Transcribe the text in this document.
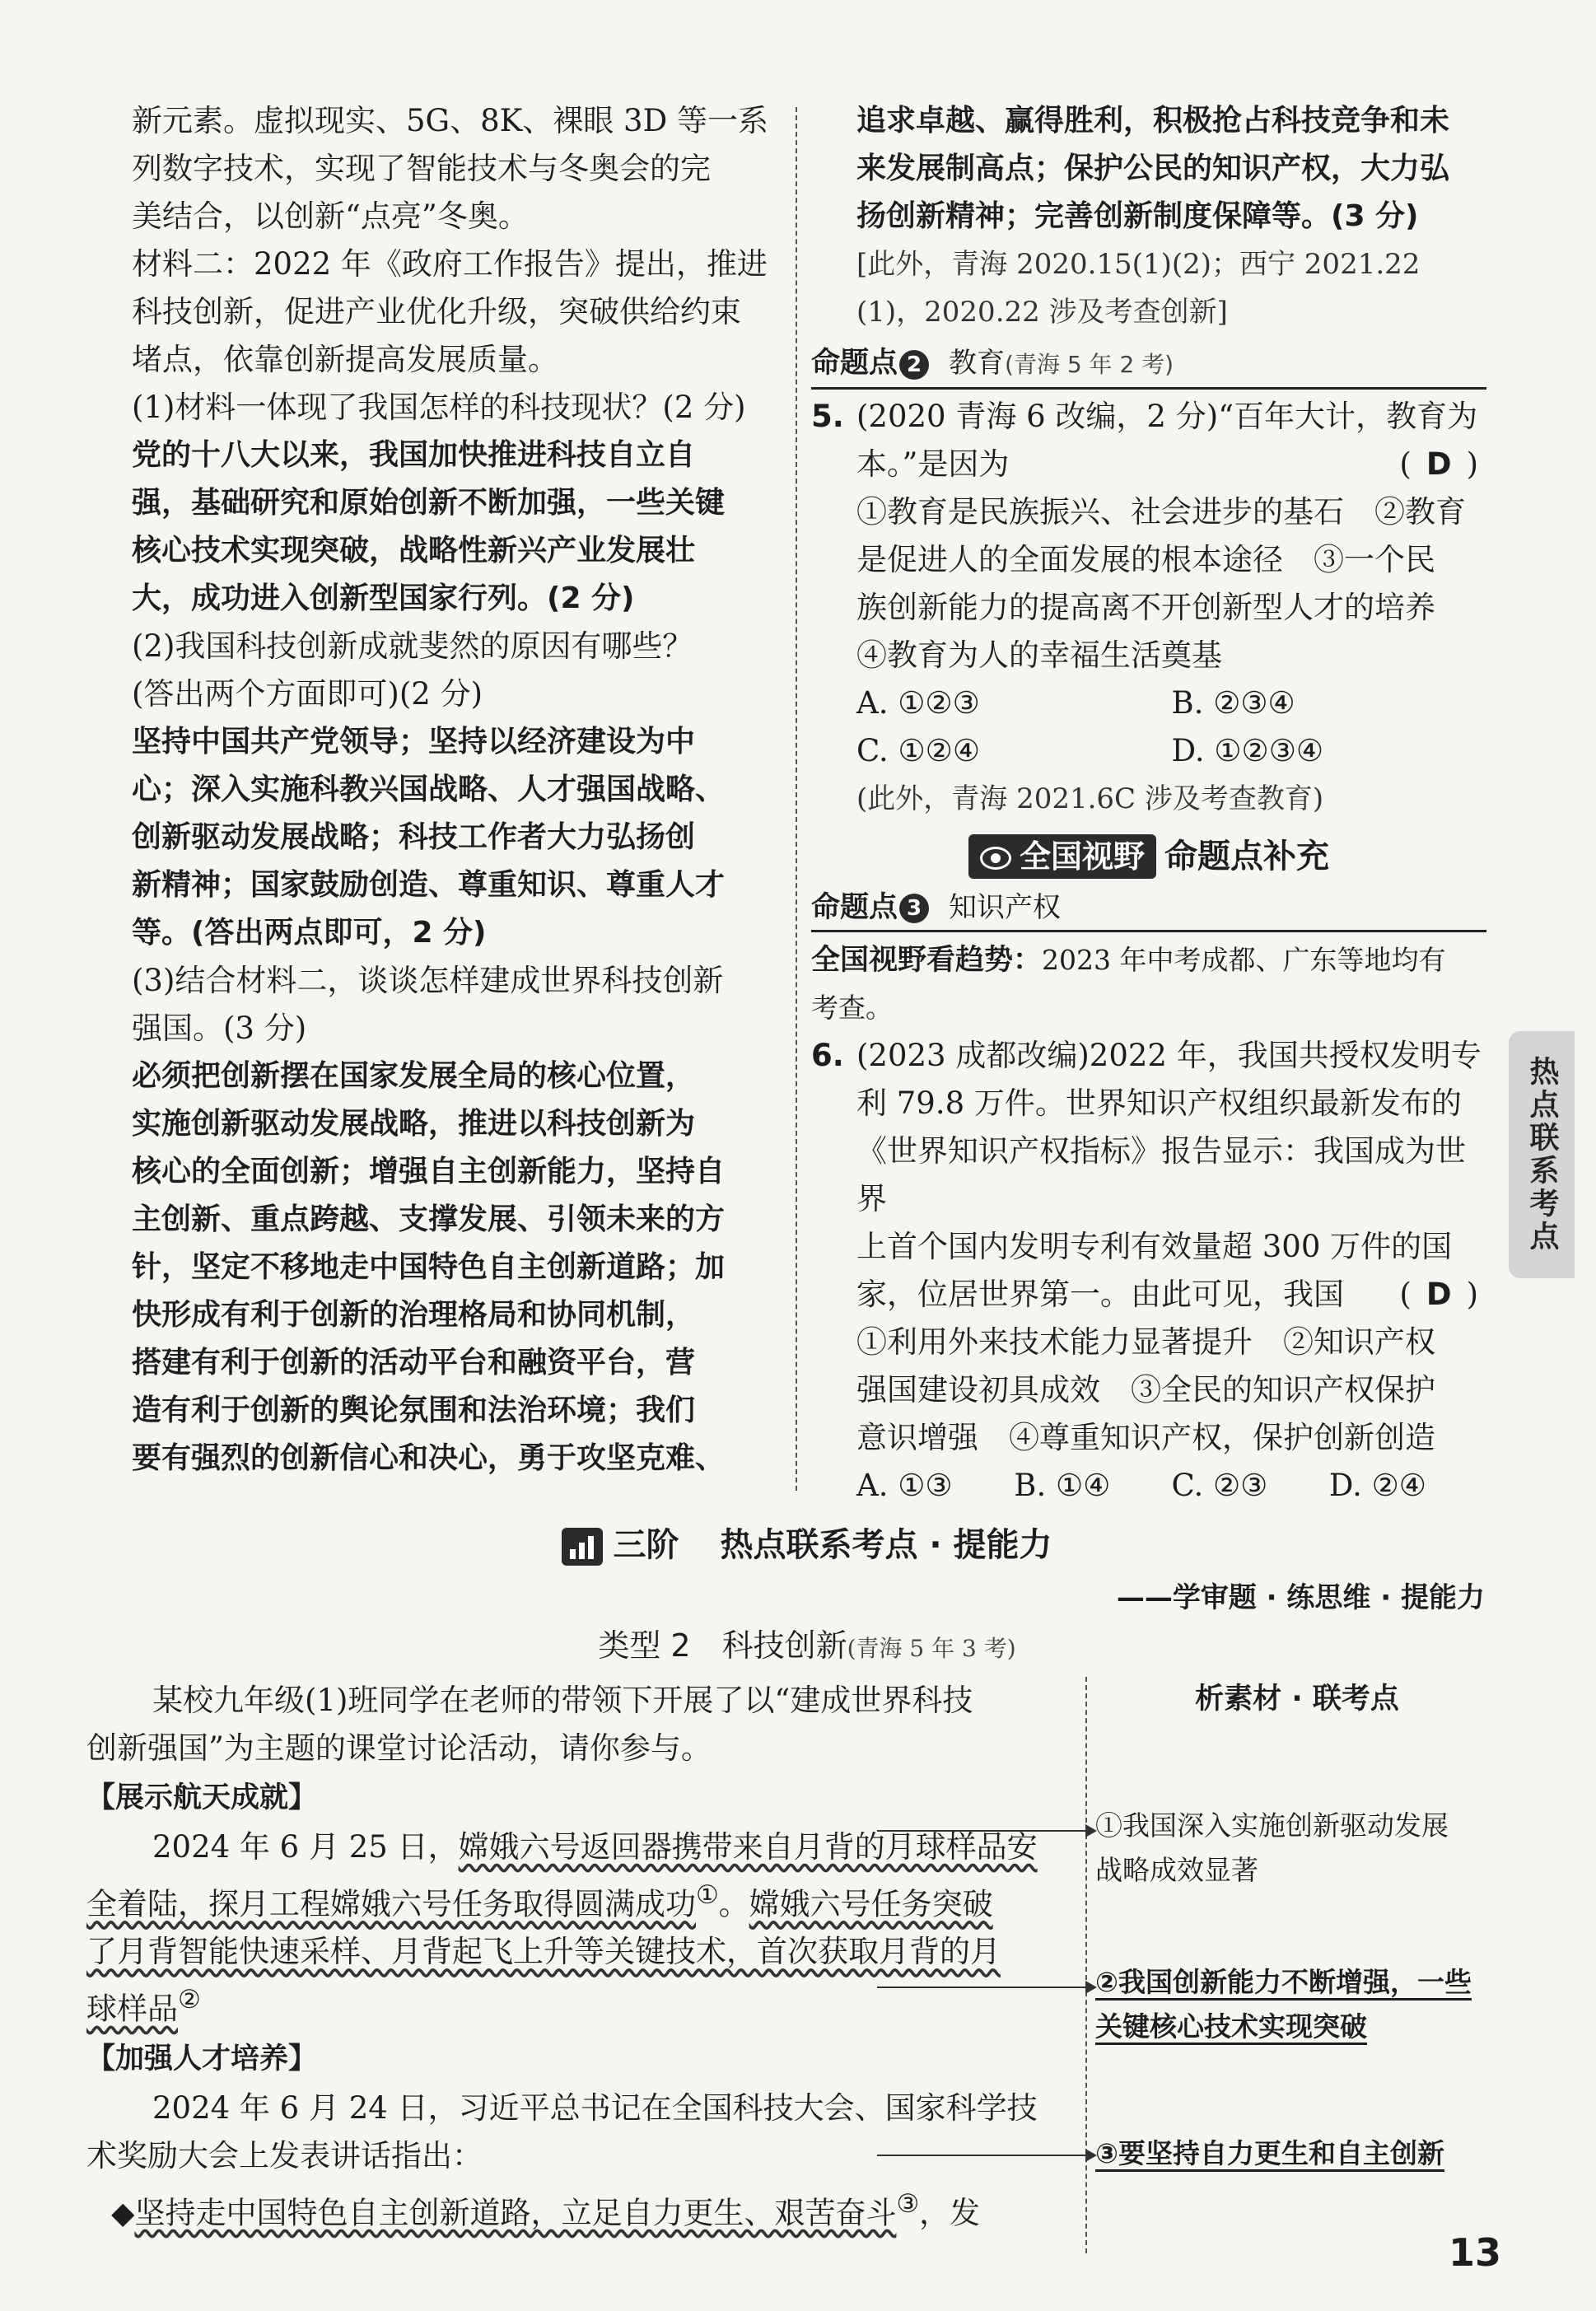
新元素。虚拟现实、5G、8K、裸眼 3D 等一系

列数字技术，实现了智能技术与冬奥会的完

美结合，以创新“点亮”冬奥。

材料二：2022 年《政府工作报告》提出，推进

科技创新，促进产业优化升级，突破供给约束

堵点，依靠创新提高发展质量。

(1)材料一体现了我国怎样的科技现状？(2 分)

党的十八大以来，我国加快推进科技自立自

强，基础研究和原始创新不断加强，一些关键

核心技术实现突破，战略性新兴产业发展壮

大，成功进入创新型国家行列。(2 分)

(2)我国科技创新成就斐然的原因有哪些？

(答出两个方面即可)(2 分)

坚持中国共产党领导；坚持以经济建设为中

心；深入实施科教兴国战略、人才强国战略、

创新驱动发展战略；科技工作者大力弘扬创

新精神；国家鼓励创造、尊重知识、尊重人才

等。(答出两点即可，2 分)

(3)结合材料二，谈谈怎样建成世界科技创新

强国。(3 分)

必须把创新摆在国家发展全局的核心位置，

实施创新驱动发展战略，推进以科技创新为

核心的全面创新；增强自主创新能力，坚持自

主创新、重点跨越、支撑发展、引领未来的方

针，坚定不移地走中国特色自主创新道路；加

快形成有利于创新的治理格局和协同机制，

搭建有利于创新的活动平台和融资平台，营

造有利于创新的舆论氛围和法治环境；我们

要有强烈的创新信心和决心，勇于攻坚克难、

追求卓越、赢得胜利，积极抢占科技竞争和未

来发展制高点；保护公民的知识产权，大力弘

扬创新精神；完善创新制度保障等。(3 分)

[此外，青海 2020.15(1)(2)；西宁 2021.22

(1)，2020.22 涉及考查创新]

命题点 2 教育(青海 5 年 2 考)
5. (2020 青海 6 改编，2 分)“百年大计，教育为

本。”是因为	( D )

①教育是民族振兴、社会进步的基石　②教育

是促进人的全面发展的根本途径　③一个民

族创新能力的提高离不开创新型人才的培养

④教育为人的幸福生活奠基

A. ①②③	B. ②③④
C. ①②④	D. ①②③④

(此外，青海 2021.6C 涉及考查教育)

全国视野 命题点补充
命题点 3 知识产权

全国视野看趋势：2023 年中考成都、广东等地均有

考查。

6. (2023 成都改编)2022 年，我国共授权发明专

利 79.8 万件。世界知识产权组织最新发布的

《世界知识产权指标》报告显示：我国成为世界

上首个国内发明专利有效量超 300 万件的国

家，位居世界第一。由此可见，我国 ( D )

①利用外来技术能力显著提升　②知识产权

强国建设初具成效　③全民的知识产权保护

意识增强　④尊重知识产权，保护创新创造

A. ①③	B. ①④	C. ②③	D. ②④
热点联系考点
三阶 热点联系考点 · 提能力
——学审题 · 练思维 · 提能力
类型 2　科技创新(青海 5 年 3 考)

某校九年级(1)班同学在老师的带领下开展了以“建成世界科技

创新强国”为主题的课堂讨论活动，请你参与。

【展示航天成就】

2024 年 6 月 25 日，嫦娥六号返回器携带来自月背的月球样品安

全着陆，探月工程嫦娥六号任务取得圆满成功①。嫦娥六号任务突破

了月背智能快速采样、月背起飞上升等关键技术，首次获取月背的月

球样品②

【加强人才培养】

2024 年 6 月 24 日，习近平总书记在全国科技大会、国家科学技

术奖励大会上发表讲话指出：

◆坚持走中国特色自主创新道路，立足自力更生、艰苦奋斗③，发

析素材 · 联考点
①我国深入实施创新驱动发展
战略成效显著
②我国创新能力不断增强，一些
关键核心技术实现突破
③要坚持自力更生和自主创新
13
